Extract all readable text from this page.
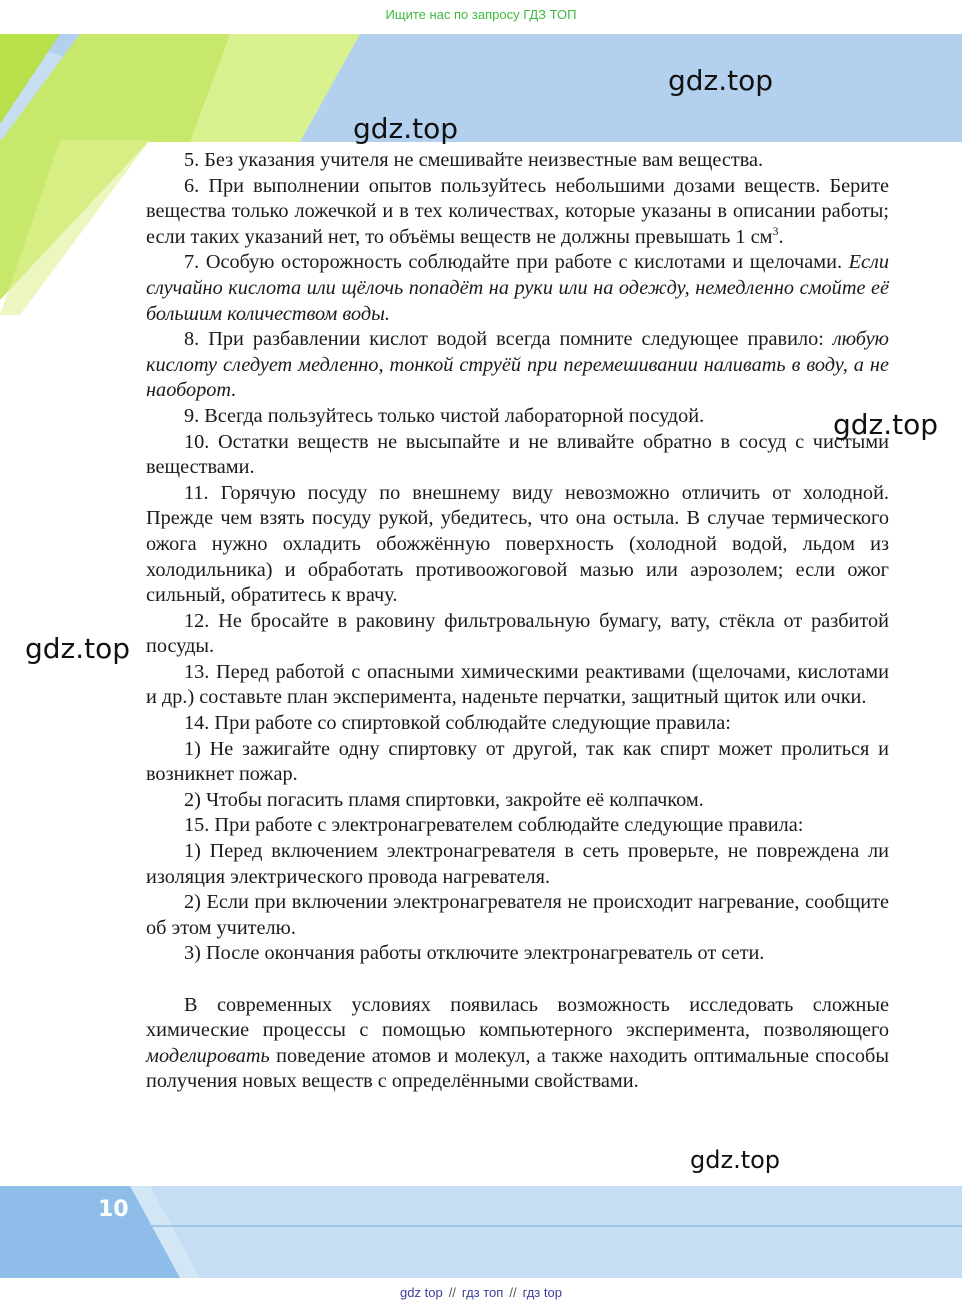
Ищите нас по запросу ГДЗ ТОП
gdz.top
gdz.top
gdz.top
gdz.top
gdz.top

5. Без указания учителя не смешивайте неизвестные вам вещества.

6. При выполнении опытов пользуйтесь небольшими дозами веществ. Берите вещества только ложечкой и в тех количествах, которые указаны в описании работы; если таких указаний нет, то объёмы веществ не должны превышать 1 $см^3$.

7. Особую осторожность соблюдайте при работе с кислотами и щелочами. Если случайно кислота или щёлочь попадёт на руки или на одежду, немедленно смойте её большим количеством воды.

8. При разбавлении кислот водой всегда помните следующее правило: любую кислоту следует медленно, тонкой струёй при перемешивании наливать в воду, а не наоборот.

9. Всегда пользуйтесь только чистой лабораторной посудой.

10. Остатки веществ не высыпайте и не вливайте обратно в сосуд с чистыми веществами.

11. Горячую посуду по внешнему виду невозможно отличить от холодной. Прежде чем взять посуду рукой, убедитесь, что она остыла. В случае термического ожога нужно охладить обожжённую поверхность (холодной водой, льдом из холодильника) и обработать противоожоговой мазью или аэрозолем; если ожог сильный, обратитесь к врачу.

12. Не бросайте в раковину фильтровальную бумагу, вату, стёкла от разбитой посуды.

13. Перед работой с опасными химическими реактивами (щелочами, кислотами и др.) составьте план эксперимента, наденьте перчатки, защитный щиток или очки.

14. При работе со спиртовкой соблюдайте следующие правила:

1) Не зажигайте одну спиртовку от другой, так как спирт может пролиться и возникнет пожар.

2) Чтобы погасить пламя спиртовки, закройте её колпачком.

15. При работе с электронагревателем соблюдайте следующие правила:

1) Перед включением электронагревателя в сеть проверьте, не повреждена ли изоляция электрического провода нагревателя.

2) Если при включении электронагревателя не происходит нагревание, сообщите об этом учителю.

3) После окончания работы отключите электронагреватель от сети.

В современных условиях появилась возможность исследовать сложные химические процессы с помощью компьютерного эксперимента, позволяющего моделировать поведение атомов и молекул, а также находить оптимальные способы получения новых веществ с определёнными свойствами.

10
gdz top // гдз топ // гдз top
